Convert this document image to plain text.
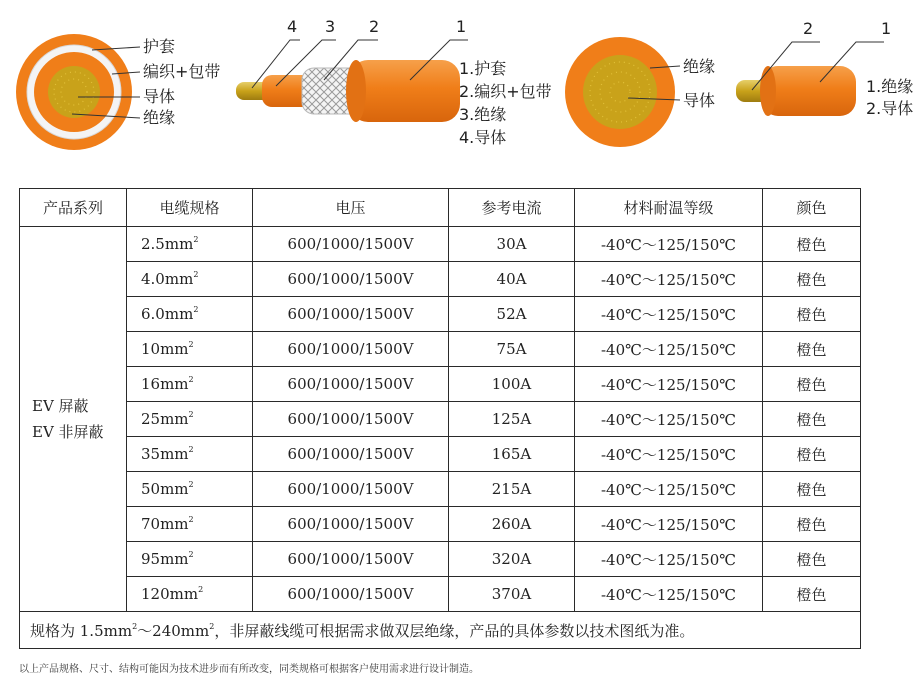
护套
编织+包带
导体
绝缘
4 3 2	1
1.护套
2.编织+包带
3.绝缘
4.导体
绝缘
导体
2	1
1.绝缘
2.导体
产品系列	电缆规格	电压	参考电流	材料耐温等级	颜色

EV 屏蔽
EV 非屏蔽	$2.5mm^2$	600/1000/1500V	30A	-40℃～125/150℃	橙色
	$4.0mm^2$	600/1000/1500V	40A	-40℃～125/150℃	橙色
	$6.0mm^2$	600/1000/1500V	52A	-40℃～125/150℃	橙色
	$10mm^2$	600/1000/1500V	75A	-40℃～125/150℃	橙色
	$16mm^2$	600/1000/1500V	100A	-40℃～125/150℃	橙色
	$25mm^2$	600/1000/1500V	125A	-40℃～125/150℃	橙色
	$35mm^2$	600/1000/1500V	165A	-40℃～125/150℃	橙色
	$50mm^2$	600/1000/1500V	215A	-40℃～125/150℃	橙色
	$70mm^2$	600/1000/1500V	260A	-40℃～125/150℃	橙色
	$95mm^2$	600/1000/1500V	320A	-40℃～125/150℃	橙色
	$120mm^2$	600/1000/1500V	370A	-40℃～125/150℃	橙色
规格为 $1.5mm^2\sim 240mm^2$，非屏蔽线缆可根据需求做双层绝缘，产品的具体参数以技术图纸为准。					
以上产品规格、尺寸、结构可能因为技术进步而有所改变，同类规格可根据客户使用需求进行设计制造。
